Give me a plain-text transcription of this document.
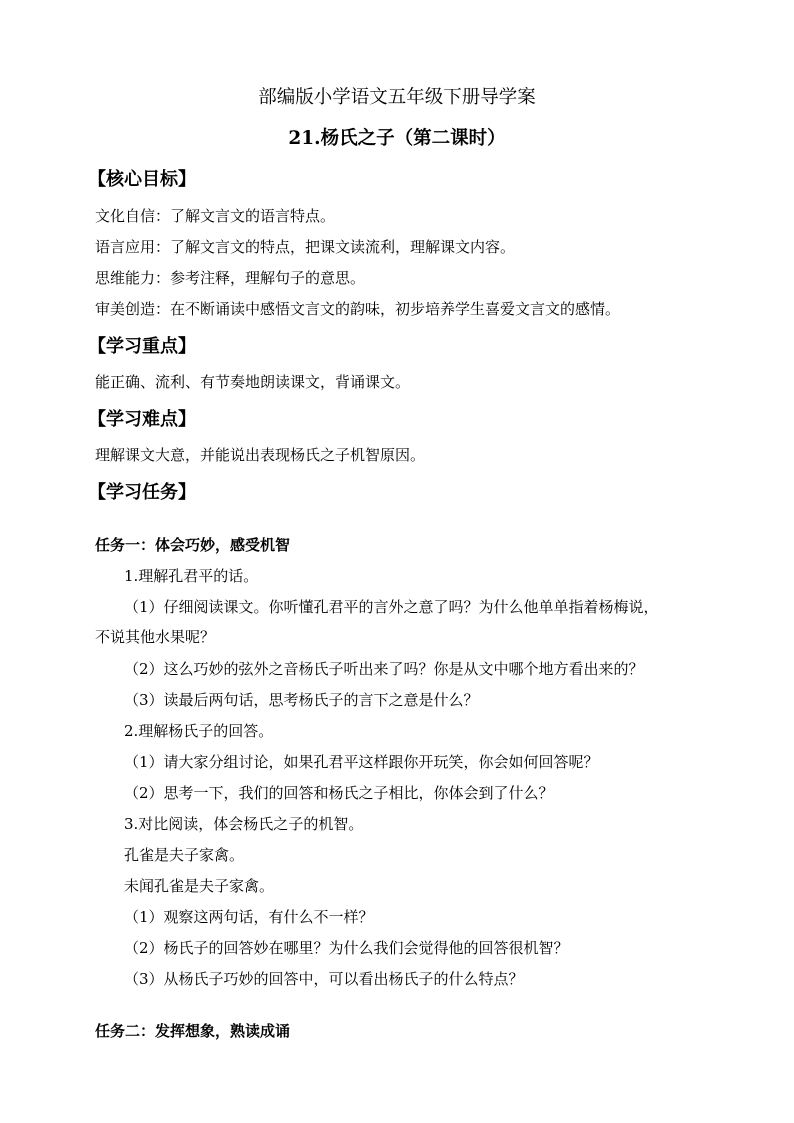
部编版小学语文五年级下册导学案
21.杨氏之子（第二课时）
【核心目标】
文化自信：了解文言文的语言特点。
语言应用：了解文言文的特点，把课文读流利，理解课文内容。
思维能力：参考注释，理解句子的意思。
审美创造：在不断诵读中感悟文言文的韵味，初步培养学生喜爱文言文的感情。
【学习重点】
能正确、流利、有节奏地朗读课文，背诵课文。
【学习难点】
理解课文大意，并能说出表现杨氏之子机智原因。
【学习任务】
任务一：体会巧妙，感受机智
1.理解孔君平的话。
（1）仔细阅读课文。你听懂孔君平的言外之意了吗？为什么他单单指着杨梅说，
不说其他水果呢？
（2）这么巧妙的弦外之音杨氏子听出来了吗？你是从文中哪个地方看出来的？
（3）读最后两句话，思考杨氏子的言下之意是什么？
2.理解杨氏子的回答。
（1）请大家分组讨论，如果孔君平这样跟你开玩笑，你会如何回答呢？
（2）思考一下，我们的回答和杨氏之子相比，你体会到了什么？
3.对比阅读，体会杨氏之子的机智。
孔雀是夫子家禽。
未闻孔雀是夫子家禽。
（1）观察这两句话，有什么不一样？
（2）杨氏子的回答妙在哪里？为什么我们会觉得他的回答很机智？
（3）从杨氏子巧妙的回答中，可以看出杨氏子的什么特点？
任务二：发挥想象，熟读成诵
